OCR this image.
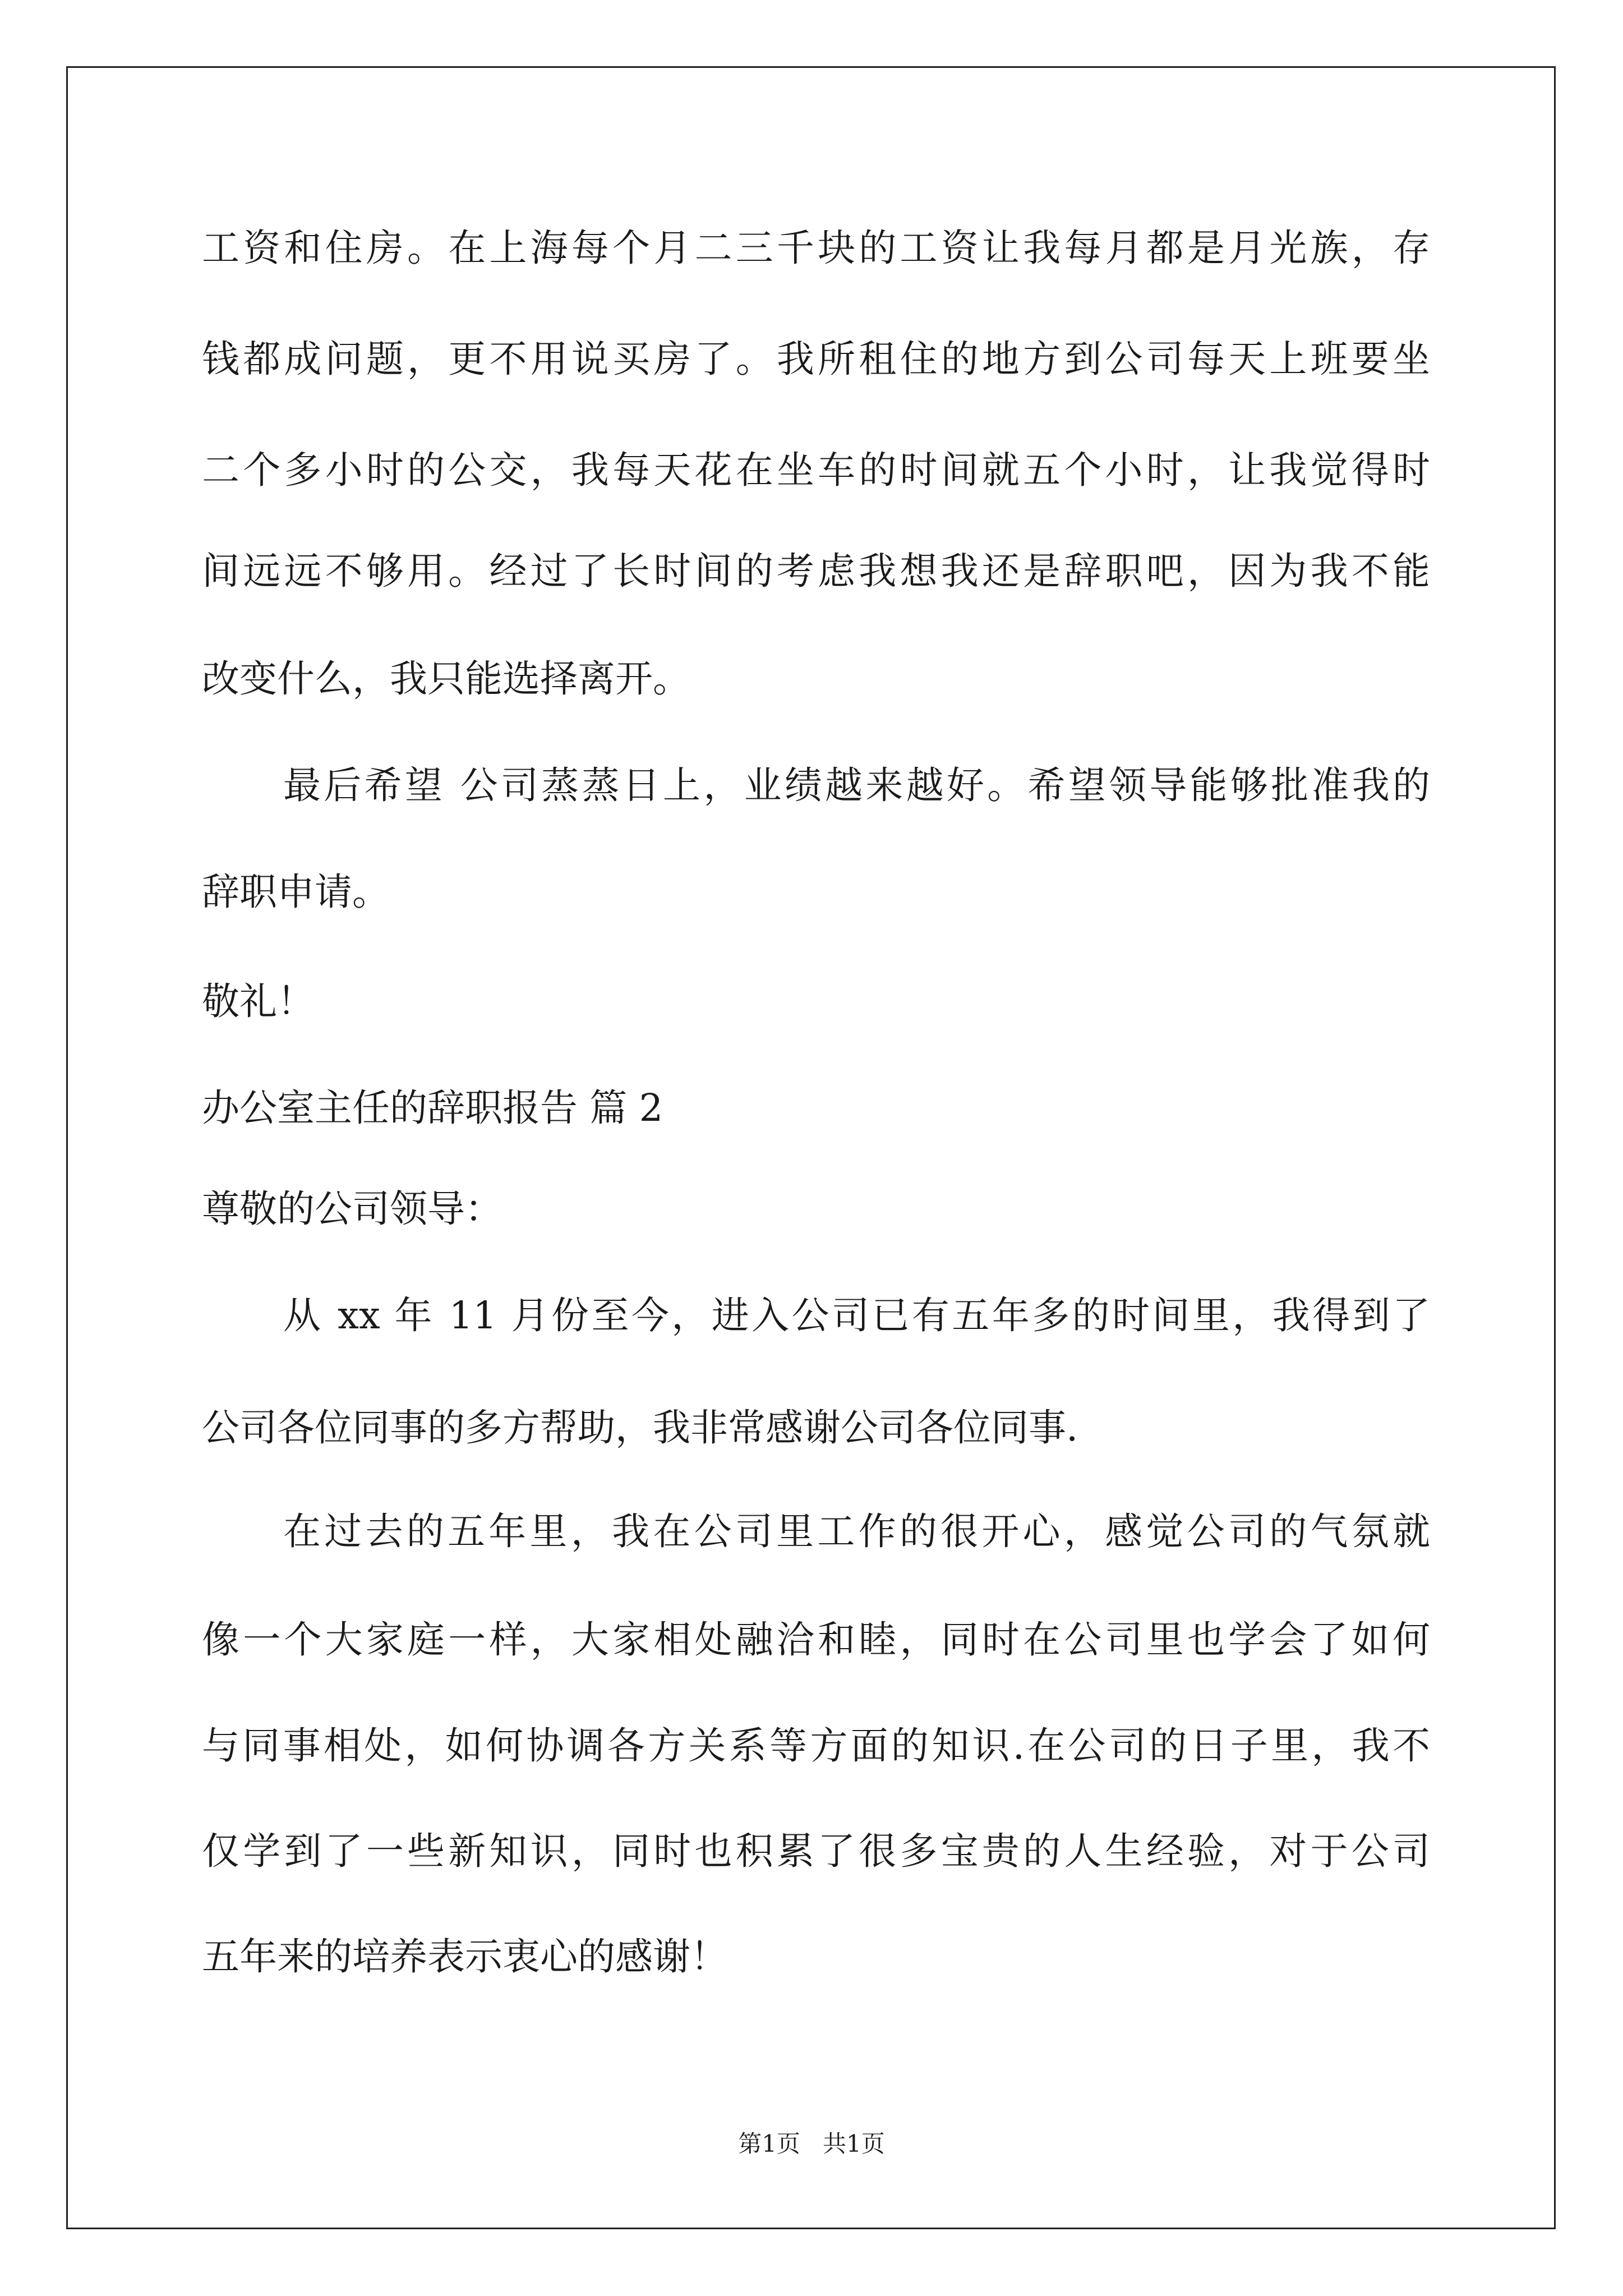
工资和住房。在上海每个月二三千块的工资让我每月都是月光族，存
钱都成问题，更不用说买房了。我所租住的地方到公司每天上班要坐
二个多小时的公交，我每天花在坐车的时间就五个小时，让我觉得时
间远远不够用。经过了长时间的考虑我想我还是辞职吧，因为我不能
改变什么，我只能选择离开。
最后希望 公司蒸蒸日上，业绩越来越好。希望领导能够批准我的
辞职申请。
敬礼！
办公室主任的辞职报告 篇 2
尊敬的公司领导：
从 xx 年 11 月份至今，进入公司已有五年多的时间里，我得到了
公司各位同事的多方帮助，我非常感谢公司各位同事.
在过去的五年里，我在公司里工作的很开心，感觉公司的气氛就
像一个大家庭一样，大家相处融洽和睦，同时在公司里也学会了如何
与同事相处，如何协调各方关系等方面的知识.在公司的日子里，我不
仅学到了一些新知识，同时也积累了很多宝贵的人生经验，对于公司
五年来的培养表示衷心的感谢！
第1页   共1页
